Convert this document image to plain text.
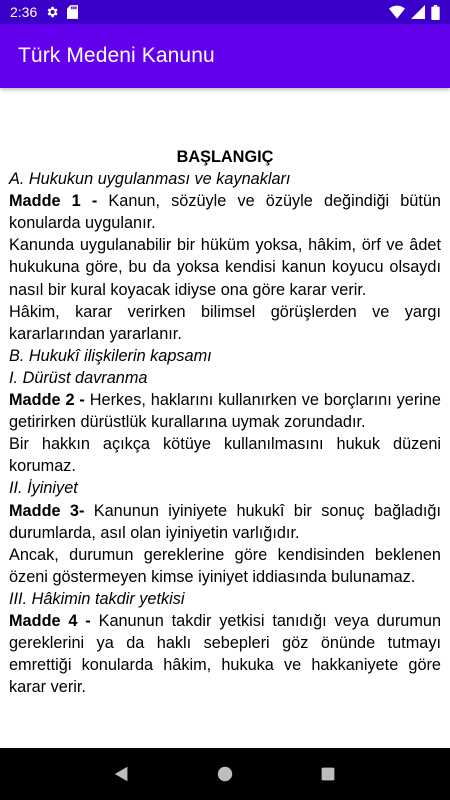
2:36
Türk Medeni Kanunu
BAŞLANGIÇ
A. Hukukun uygulanması ve kaynakları
Madde 1 - Kanun, sözüyle ve özüyle değindiği bütün konularda uygulanır.
Kanunda uygulanabilir bir hüküm yoksa, hâkim, örf ve âdet hukukuna göre, bu da yoksa kendisi kanun koyucu olsaydı nasıl bir kural koyacak idiyse ona göre karar verir.
Hâkim, karar verirken bilimsel görüşlerden ve yargı kararlarından yararlanır.
B. Hukukî ilişkilerin kapsamı
I. Dürüst davranma
Madde 2 - Herkes, haklarını kullanırken ve borçlarını yerine getirirken dürüstlük kurallarına uymak zorundadır.
Bir hakkın açıkça kötüye kullanılmasını hukuk düzeni korumaz.
II. İyiniyet
Madde 3- Kanunun iyiniyete hukukî bir sonuç bağladığı durumlarda, asıl olan iyiniyetin varlığıdır.
Ancak, durumun gereklerine göre kendisinden beklenen özeni göstermeyen kimse iyiniyet iddiasında bulunamaz.
III. Hâkimin takdir yetkisi
Madde 4 - Kanunun takdir yetkisi tanıdığı veya durumun gereklerini ya da haklı sebepleri göz önünde tutmayı emrettiği konularda hâkim, hukuka ve hakkaniyete göre karar verir.
